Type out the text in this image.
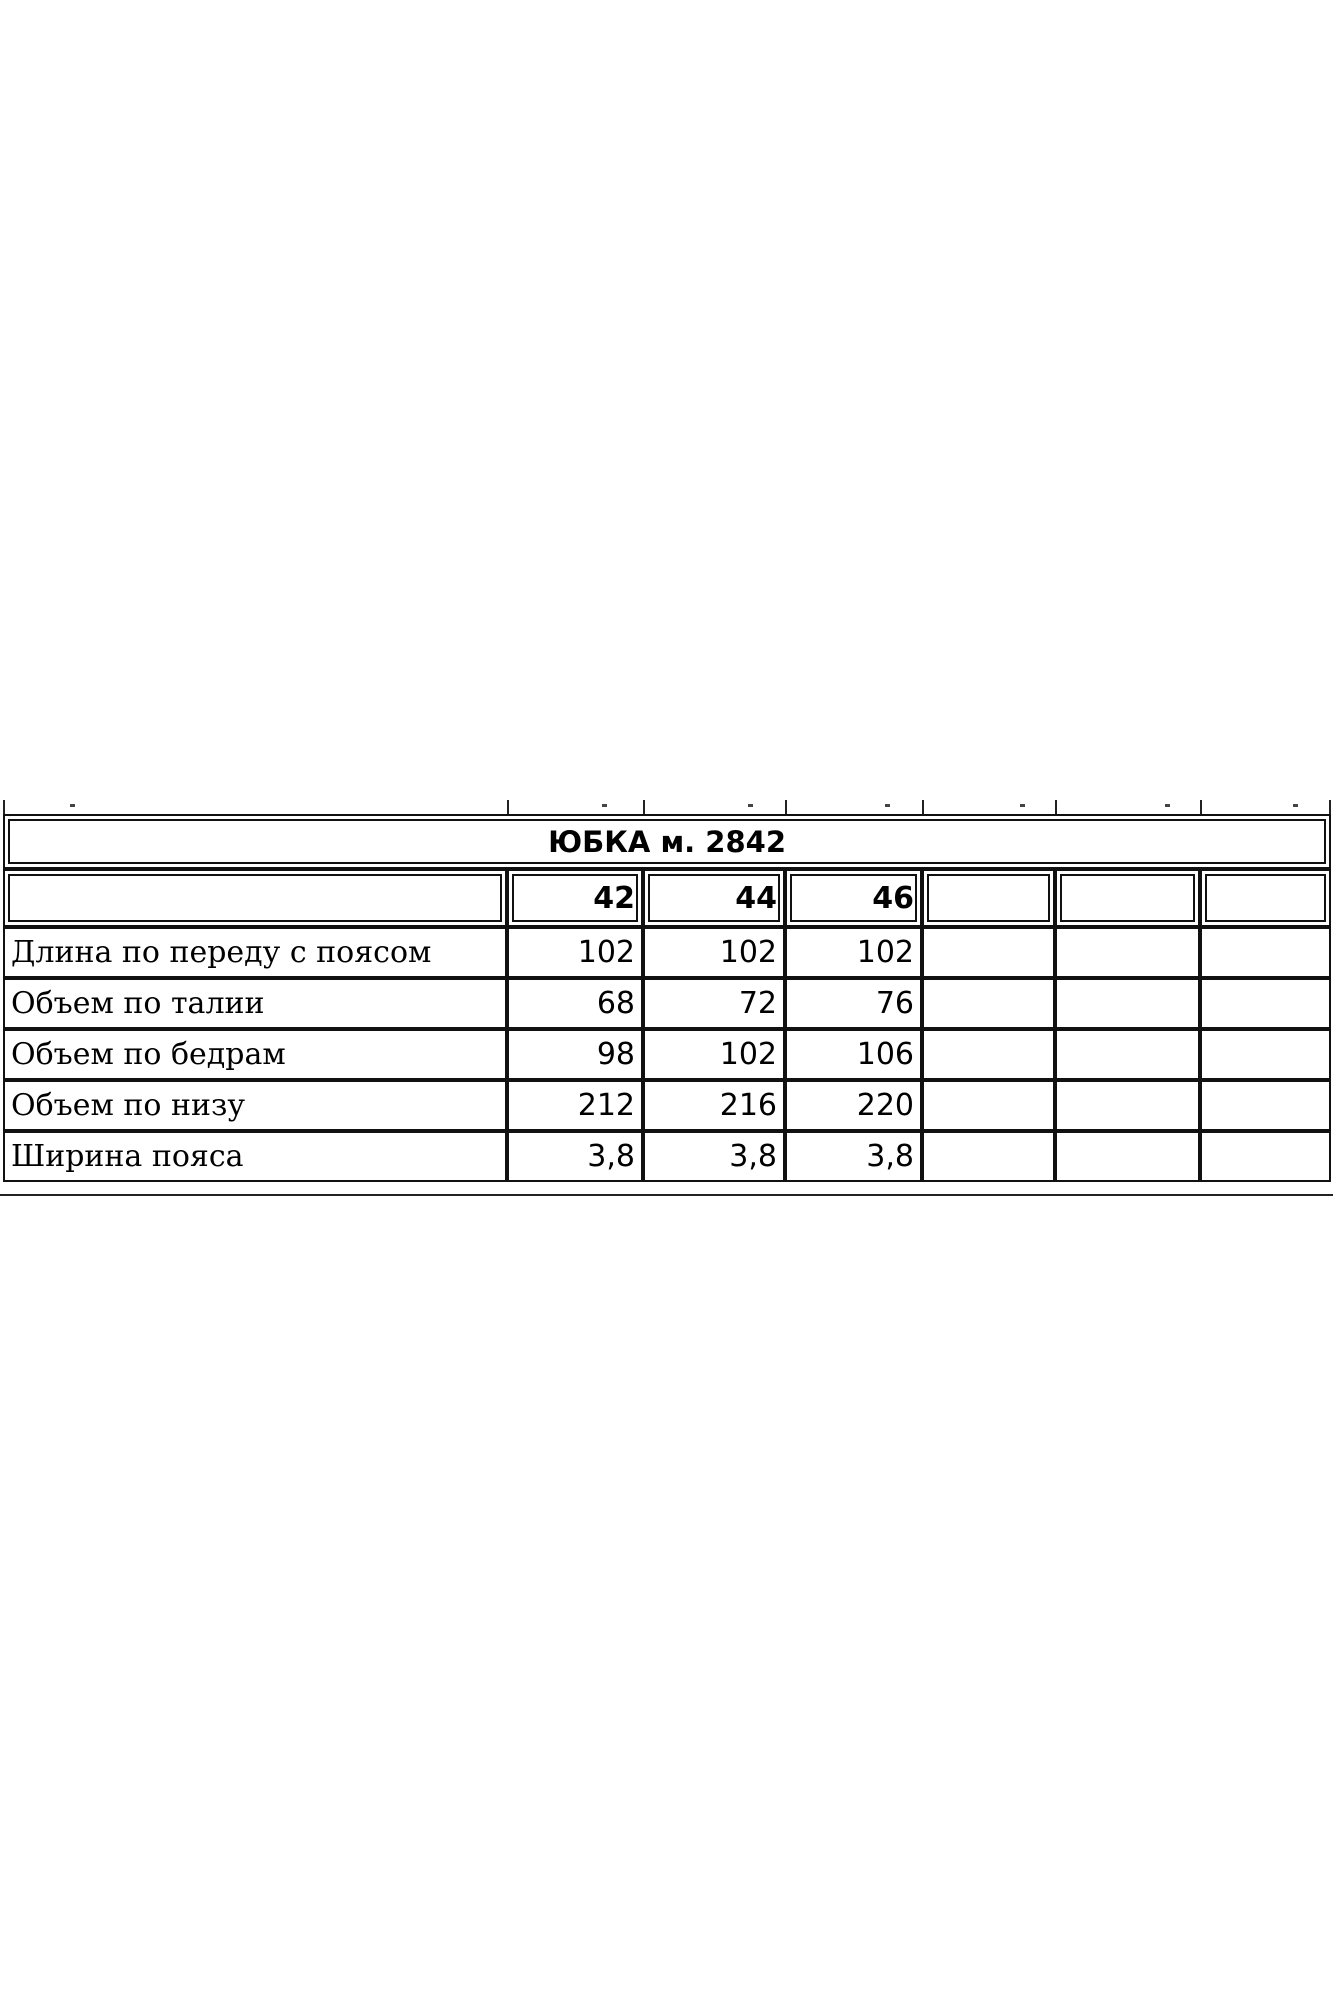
ЮБКА м. 2842						
	42	44	46			
Длина по переду с поясом	102	102	102			
Объем по талии	68	72	76			
Объем по бедрам	98	102	106			
Объем по низу	212	216	220			
Ширина пояса	3,8	3,8	3,8			
